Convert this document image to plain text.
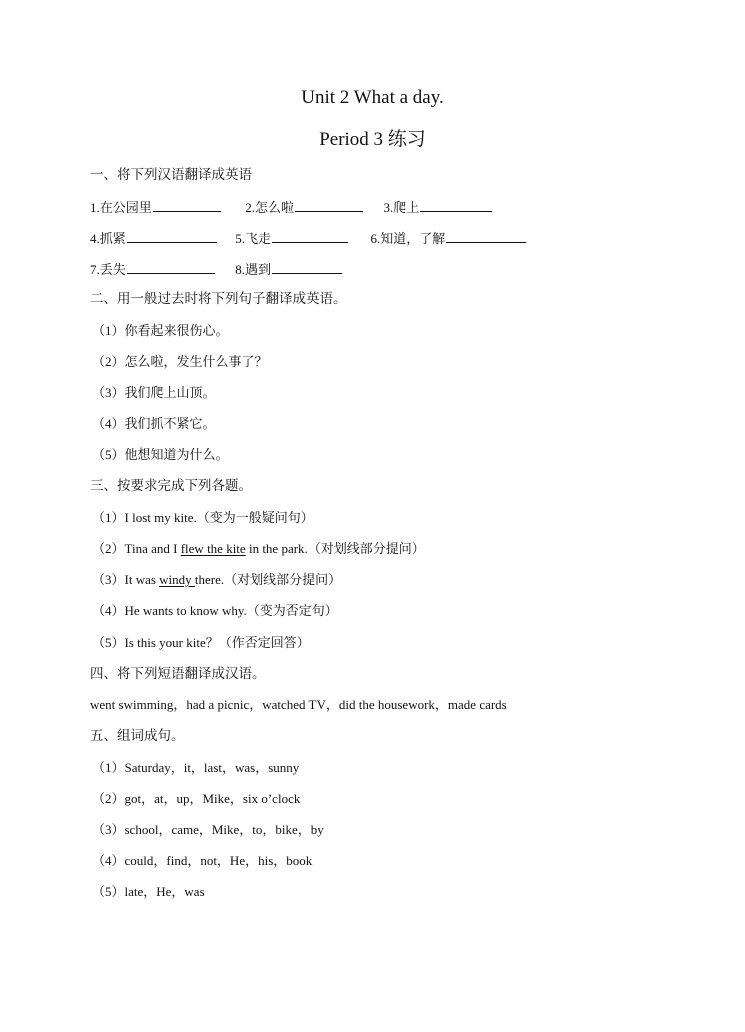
Unit 2 What a day.
Period 3 练习
一、将下列汉语翻译成英语
1.在公园里	2.怎么啦	3.爬上
4.抓紧	5.飞走	6.知道，了解
7.丢失	8.遇到
二、用一般过去时将下列句子翻译成英语。
（1）你看起来很伤心。
（2）怎么啦，发生什么事了？
（3）我们爬上山顶。
（4）我们抓不紧它。
（5）他想知道为什么。
三、按要求完成下列各题。
（1）I lost my kite.（变为一般疑问句）
（2）Tina and I flew the kite in the park.（对划线部分提问）
（3）It was windy there.（对划线部分提问）
（4）He wants to know why.（变为否定句）
（5）Is this your kite？（作否定回答）
四、将下列短语翻译成汉语。
went swimming，had a picnic，watched TV，did the housework，made cards
五、组词成句。
（1）Saturday，it，last，was，sunny
（2）got，at，up，Mike，six o’clock
（3）school，came，Mike，to，bike，by
（4）could，find，not，He，his，book
（5）late，He，was
